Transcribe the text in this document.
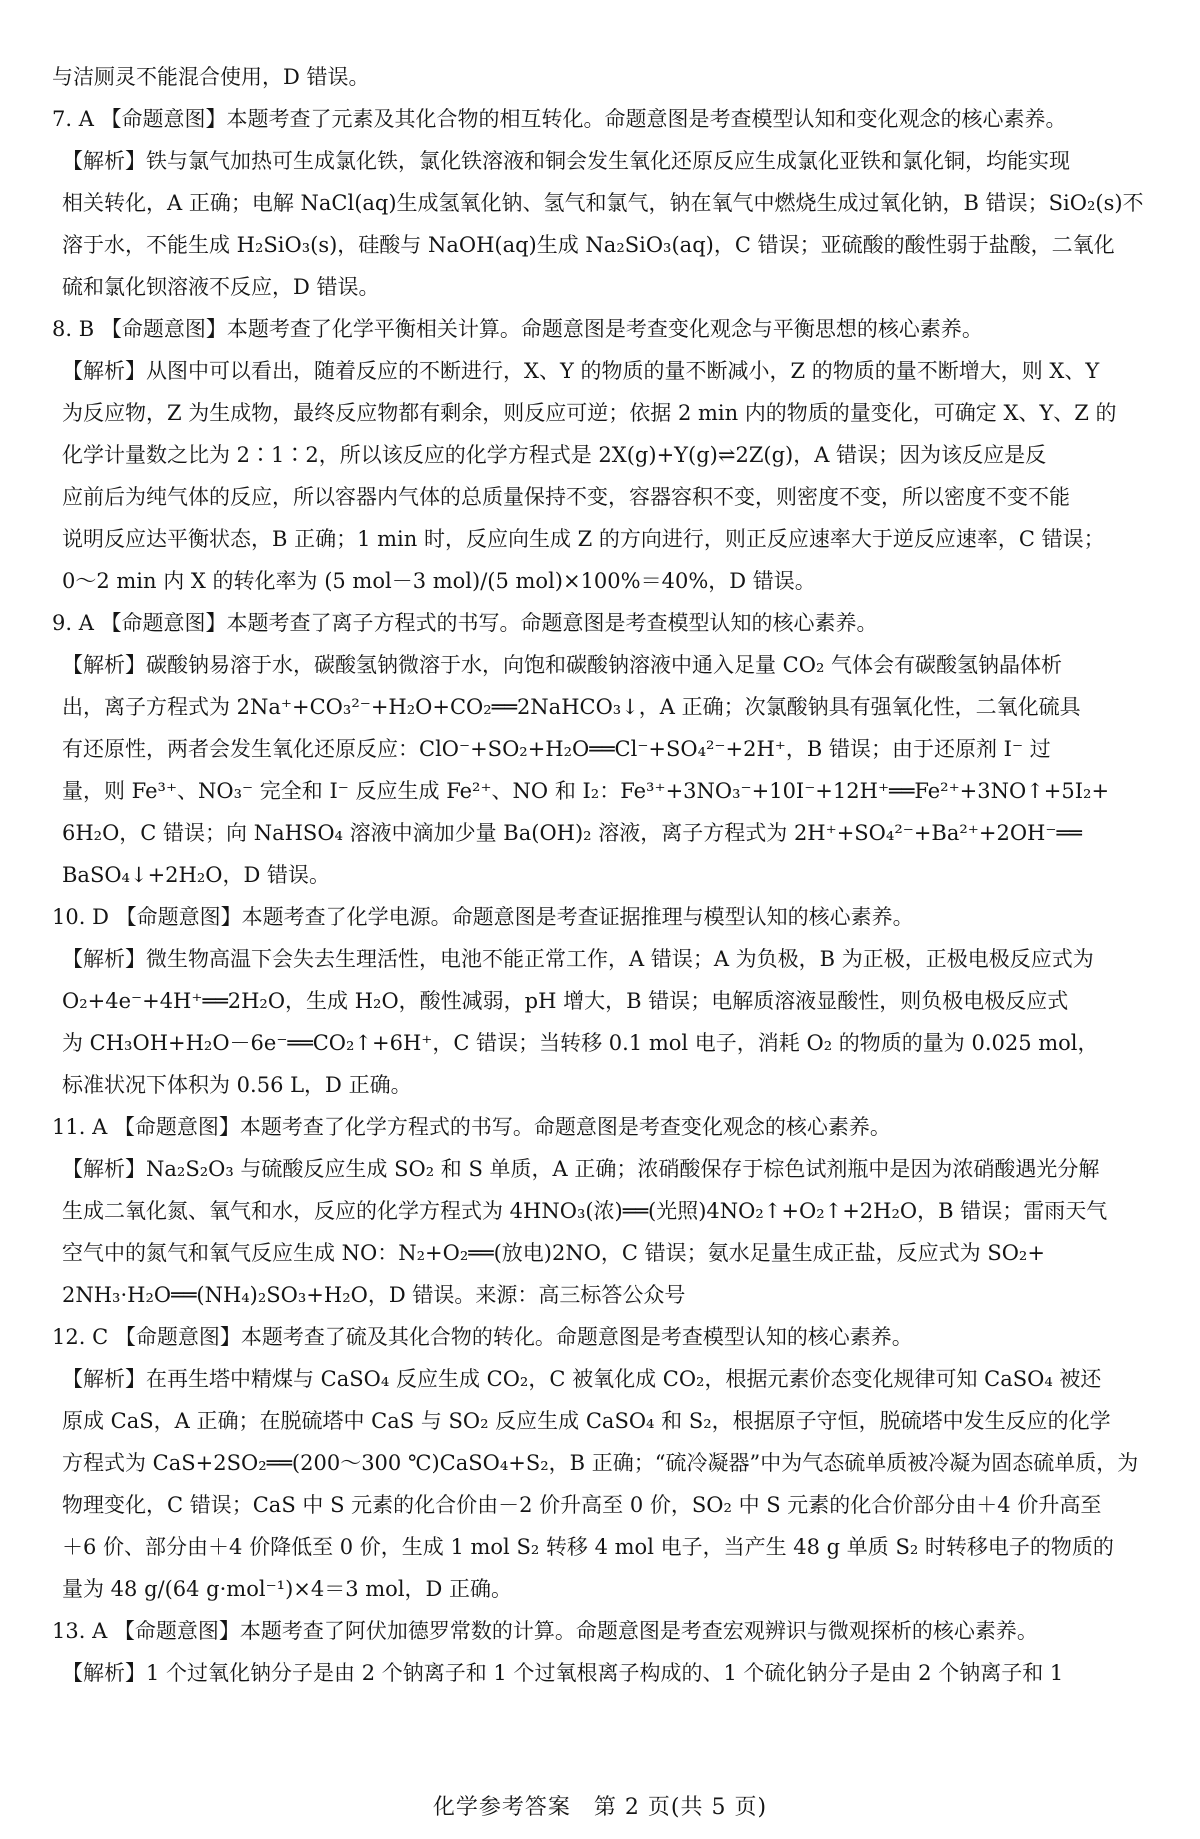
与洁厕灵不能混合使用，D 错误。

7. A 【命题意图】本题考查了元素及其化合物的相互转化。命题意图是考查模型认知和变化观念的核心素养。

【解析】铁与氯气加热可生成氯化铁，氯化铁溶液和铜会发生氧化还原反应生成氯化亚铁和氯化铜，均能实现

相关转化，A 正确；电解 NaCl(aq)生成氢氧化钠、氢气和氯气，钠在氧气中燃烧生成过氧化钠，B 错误；SiO₂(s)不

溶于水，不能生成 H₂SiO₃(s)，硅酸与 NaOH(aq)生成 Na₂SiO₃(aq)，C 错误；亚硫酸的酸性弱于盐酸，二氧化

硫和氯化钡溶液不反应，D 错误。

8. B 【命题意图】本题考查了化学平衡相关计算。命题意图是考查变化观念与平衡思想的核心素养。

【解析】从图中可以看出，随着反应的不断进行，X、Y 的物质的量不断减小，Z 的物质的量不断增大，则 X、Y

为反应物，Z 为生成物，最终反应物都有剩余，则反应可逆；依据 2 min 内的物质的量变化，可确定 X、Y、Z 的

化学计量数之比为 2∶1∶2，所以该反应的化学方程式是 2X(g)+Y(g)⇌2Z(g)，A 错误；因为该反应是反

应前后为纯气体的反应，所以容器内气体的总质量保持不变，容器容积不变，则密度不变，所以密度不变不能

说明反应达平衡状态，B 正确；1 min 时，反应向生成 Z 的方向进行，则正反应速率大于逆反应速率，C 错误；

0～2 min 内 X 的转化率为 (5 mol－3 mol)/(5 mol)×100%＝40%，D 错误。

9. A 【命题意图】本题考查了离子方程式的书写。命题意图是考查模型认知的核心素养。

【解析】碳酸钠易溶于水，碳酸氢钠微溶于水，向饱和碳酸钠溶液中通入足量 CO₂ 气体会有碳酸氢钠晶体析

出，离子方程式为 2Na⁺+CO₃²⁻+H₂O+CO₂══2NaHCO₃↓，A 正确；次氯酸钠具有强氧化性，二氧化硫具

有还原性，两者会发生氧化还原反应：ClO⁻+SO₂+H₂O══Cl⁻+SO₄²⁻+2H⁺，B 错误；由于还原剂 I⁻ 过

量，则 Fe³⁺、NO₃⁻ 完全和 I⁻ 反应生成 Fe²⁺、NO 和 I₂：Fe³⁺+3NO₃⁻+10I⁻+12H⁺══Fe²⁺+3NO↑+5I₂+

6H₂O，C 错误；向 NaHSO₄ 溶液中滴加少量 Ba(OH)₂ 溶液，离子方程式为 2H⁺+SO₄²⁻+Ba²⁺+2OH⁻══

BaSO₄↓+2H₂O，D 错误。

10. D 【命题意图】本题考查了化学电源。命题意图是考查证据推理与模型认知的核心素养。

【解析】微生物高温下会失去生理活性，电池不能正常工作，A 错误；A 为负极，B 为正极，正极电极反应式为

O₂+4e⁻+4H⁺══2H₂O，生成 H₂O，酸性减弱，pH 增大，B 错误；电解质溶液显酸性，则负极电极反应式

为 CH₃OH+H₂O－6e⁻══CO₂↑+6H⁺，C 错误；当转移 0.1 mol 电子，消耗 O₂ 的物质的量为 0.025 mol，

标准状况下体积为 0.56 L，D 正确。

11. A 【命题意图】本题考查了化学方程式的书写。命题意图是考查变化观念的核心素养。

【解析】Na₂S₂O₃ 与硫酸反应生成 SO₂ 和 S 单质，A 正确；浓硝酸保存于棕色试剂瓶中是因为浓硝酸遇光分解

生成二氧化氮、氧气和水，反应的化学方程式为 4HNO₃(浓)══(光照)4NO₂↑+O₂↑+2H₂O，B 错误；雷雨天气

空气中的氮气和氧气反应生成 NO：N₂+O₂══(放电)2NO，C 错误；氨水足量生成正盐，反应式为 SO₂+

2NH₃·H₂O══(NH₄)₂SO₃+H₂O，D 错误。来源：高三标答公众号

12. C 【命题意图】本题考查了硫及其化合物的转化。命题意图是考查模型认知的核心素养。

【解析】在再生塔中精煤与 CaSO₄ 反应生成 CO₂，C 被氧化成 CO₂，根据元素价态变化规律可知 CaSO₄ 被还

原成 CaS，A 正确；在脱硫塔中 CaS 与 SO₂ 反应生成 CaSO₄ 和 S₂，根据原子守恒，脱硫塔中发生反应的化学

方程式为 CaS+2SO₂══(200～300 ℃)CaSO₄+S₂，B 正确；“硫冷凝器”中为气态硫单质被冷凝为固态硫单质，为

物理变化，C 错误；CaS 中 S 元素的化合价由－2 价升高至 0 价，SO₂ 中 S 元素的化合价部分由＋4 价升高至

＋6 价、部分由＋4 价降低至 0 价，生成 1 mol S₂ 转移 4 mol 电子，当产生 48 g 单质 S₂ 时转移电子的物质的

量为 48 g/(64 g·mol⁻¹)×4＝3 mol，D 正确。

13. A 【命题意图】本题考查了阿伏加德罗常数的计算。命题意图是考查宏观辨识与微观探析的核心素养。

【解析】1 个过氧化钠分子是由 2 个钠离子和 1 个过氧根离子构成的、1 个硫化钠分子是由 2 个钠离子和 1

化学参考答案　第 2 页(共 5 页)
